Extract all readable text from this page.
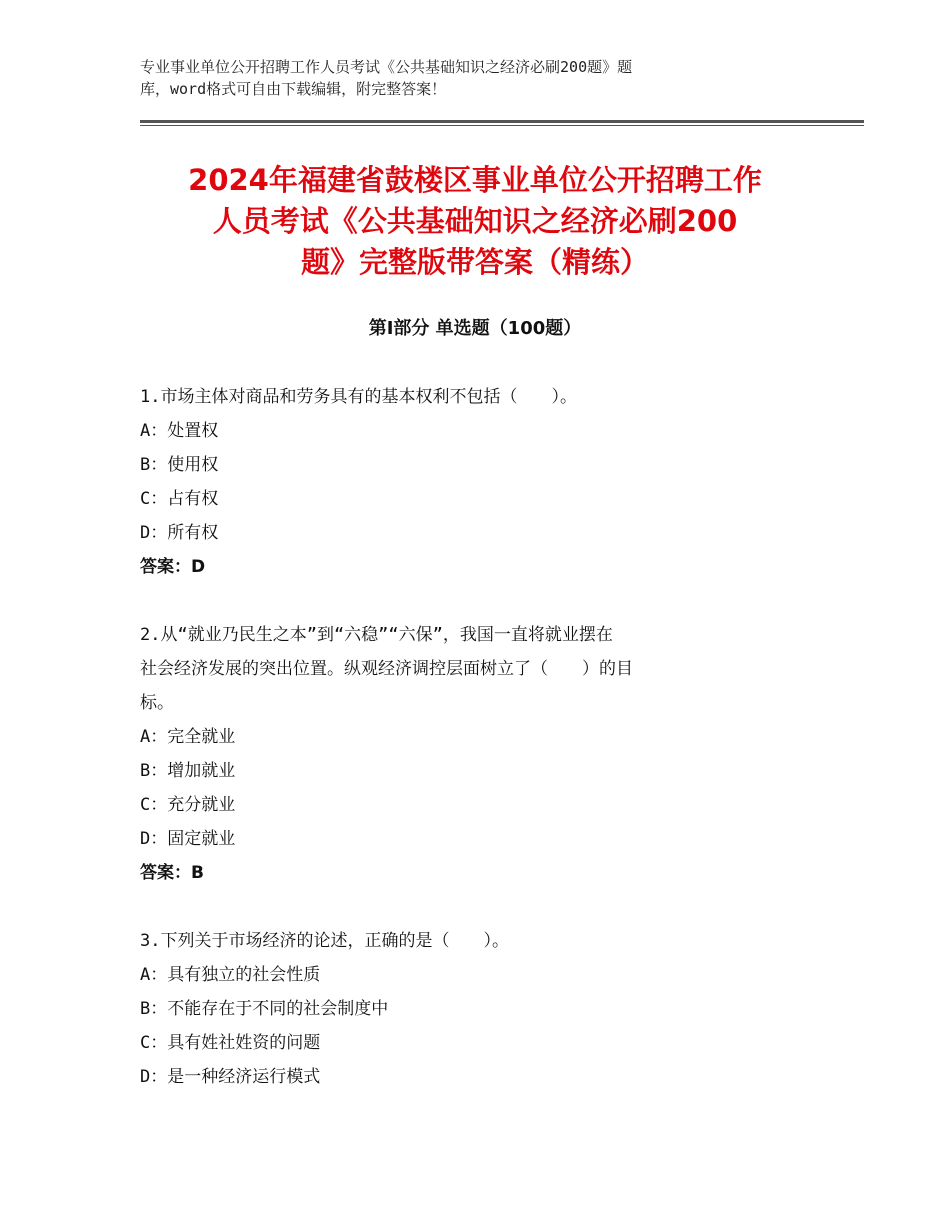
专业事业单位公开招聘工作人员考试《公共基础知识之经济必刷200题》题
库，word格式可自由下载编辑，附完整答案！
2024年福建省鼓楼区事业单位公开招聘工作
人员考试《公共基础知识之经济必刷200
题》完整版带答案（精练）
第Ⅰ部分 单选题（100题）
1.市场主体对商品和劳务具有的基本权利不包括（　　）。
A：处置权
B：使用权
C：占有权
D：所有权
答案：D
2.从“就业乃民生之本”到“六稳”“六保”，我国一直将就业摆在
社会经济发展的突出位置。纵观经济调控层面树立了（　　）的目
标。
A：完全就业
B：增加就业
C：充分就业
D：固定就业
答案：B
3.下列关于市场经济的论述，正确的是（　　）。
A：具有独立的社会性质
B：不能存在于不同的社会制度中
C：具有姓社姓资的问题
D：是一种经济运行模式
